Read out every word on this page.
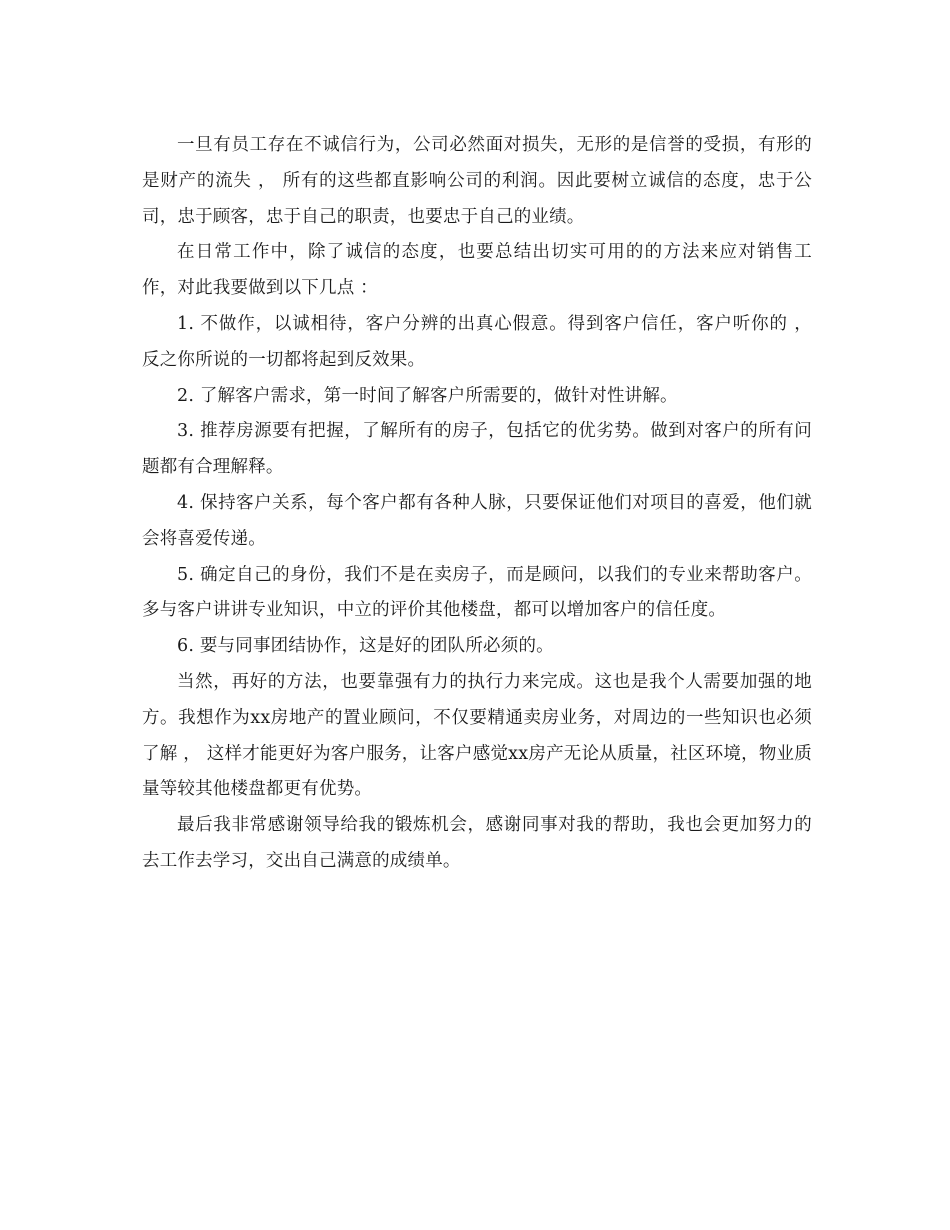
一旦有员工存在不诚信行为，公司必然面对损失，无形的是信誉的受损，有形的是财产的流失 ， 所有的这些都直影响公司的利润。因此要树立诚信的态度，忠于公司，忠于顾客，忠于自己的职责，也要忠于自己的业绩。

在日常工作中，除了诚信的态度，也要总结出切实可用的的方法来应对销售工作，对此我要做到以下几点 ：

1. 不做作，以诚相待，客户分辨的出真心假意。得到客户信任，客户听你的 ， 反之你所说的一切都将起到反效果。

2. 了解客户需求，第一时间了解客户所需要的，做针对性讲解。

3. 推荐房源要有把握，了解所有的房子，包括它的优劣势。做到对客户的所有问题都有合理解释。

4. 保持客户关系，每个客户都有各种人脉，只要保证他们对项目的喜爱，他们就会将喜爱传递。

5. 确定自己的身份，我们不是在卖房子，而是顾问，以我们的专业来帮助客户。多与客户讲讲专业知识，中立的评价其他楼盘，都可以增加客户的信任度。

6. 要与同事团结协作，这是好的团队所必须的。

当然，再好的方法，也要靠强有力的执行力来完成。这也是我个人需要加强的地方。我想作为xx房地产的置业顾问，不仅要精通卖房业务，对周边的一些知识也必须了解 ， 这样才能更好为客户服务，让客户感觉xx房产无论从质量，社区环境，物业质量等较其他楼盘都更有优势。

最后我非常感谢领导给我的锻炼机会，感谢同事对我的帮助，我也会更加努力的去工作去学习，交出自己满意的成绩单。
